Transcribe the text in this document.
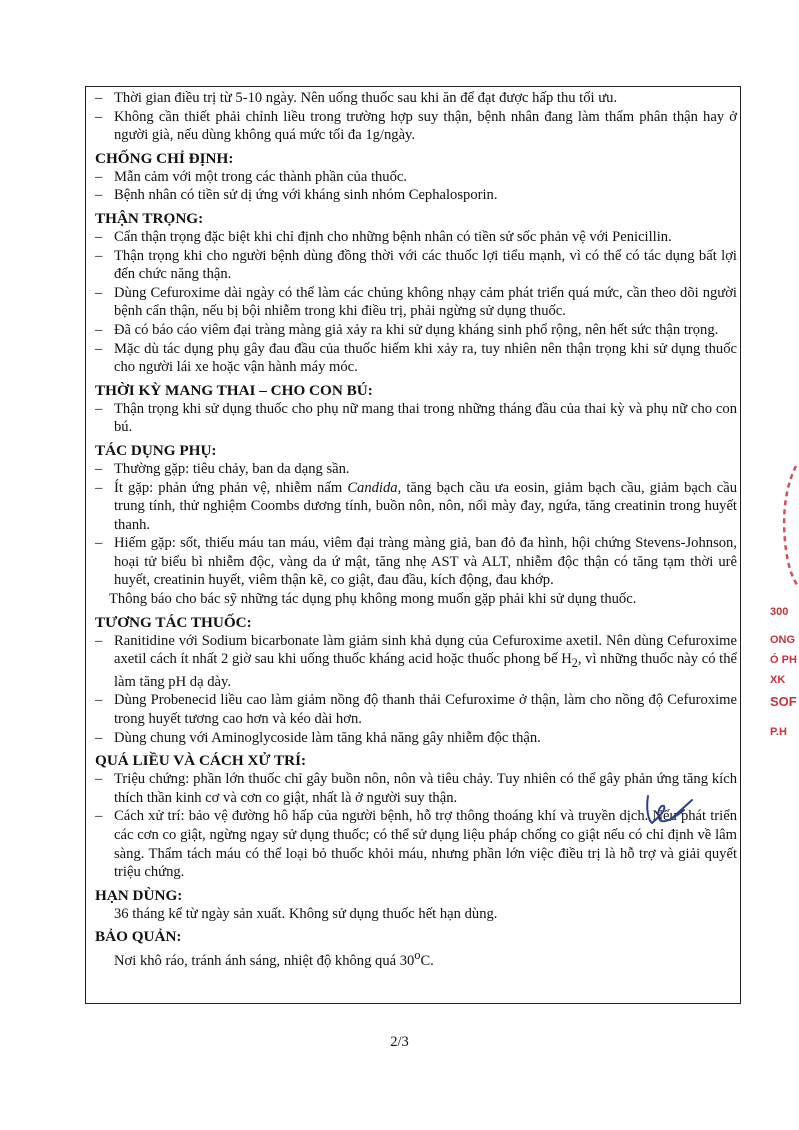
– Thời gian điều trị từ 5-10 ngày. Nên uống thuốc sau khi ăn để đạt được hấp thu tối ưu.
– Không cần thiết phải chỉnh liều trong trường hợp suy thận, bệnh nhân đang làm thẩm phân thận hay ở người già, nếu dùng không quá mức tối đa 1g/ngày.
CHỐNG CHỈ ĐỊNH:
– Mẫn cảm với một trong các thành phần của thuốc.
– Bệnh nhân có tiền sử dị ứng với kháng sinh nhóm Cephalosporin.
THẬN TRỌNG:
– Cẩn thận trọng đặc biệt khi chỉ định cho những bệnh nhân có tiền sử sốc phản vệ với Penicillin.
– Thận trọng khi cho người bệnh dùng đồng thời với các thuốc lợi tiểu mạnh, vì có thể có tác dụng bất lợi đến chức năng thận.
– Dùng Cefuroxime dài ngày có thể làm các chủng không nhạy cảm phát triển quá mức, cần theo dõi người bệnh cẩn thận, nếu bị bội nhiễm trong khi điều trị, phải ngừng sử dụng thuốc.
– Đã có báo cáo viêm đại tràng màng giả xảy ra khi sử dụng kháng sinh phổ rộng, nên hết sức thận trọng.
– Mặc dù tác dụng phụ gây đau đầu của thuốc hiếm khi xảy ra, tuy nhiên nên thận trọng khi sử dụng thuốc cho người lái xe hoặc vận hành máy móc.
THỜI KỲ MANG THAI – CHO CON BÚ:
– Thận trọng khi sử dụng thuốc cho phụ nữ mang thai trong những tháng đầu của thai kỳ và phụ nữ cho con bú.
TÁC DỤNG PHỤ:
– Thường gặp: tiêu chảy, ban da dạng sần.
– Ít gặp: phản ứng phản vệ, nhiễm nấm Candida, tăng bạch cầu ưa eosin, giảm bạch cầu, giảm bạch cầu trung tính, thử nghiệm Coombs dương tính, buồn nôn, nôn, nổi mày đay, ngứa, tăng creatinin trong huyết thanh.
– Hiếm gặp: sốt, thiếu máu tan máu, viêm đại tràng màng giả, ban đỏ đa hình, hội chứng Stevens-Johnson, hoại tử biểu bì nhiễm độc, vàng da ứ mật, tăng nhẹ AST và ALT, nhiễm độc thận có tăng tạm thời urê huyết, creatinin huyết, viêm thận kẽ, co giật, đau đầu, kích động, đau khớp.
Thông báo cho bác sỹ những tác dụng phụ không mong muốn gặp phải khi sử dụng thuốc.
TƯƠNG TÁC THUỐC:
– Ranitidine với Sodium bicarbonate làm giảm sinh khả dụng của Cefuroxime axetil. Nên dùng Cefuroxime axetil cách ít nhất 2 giờ sau khi uống thuốc kháng acid hoặc thuốc phong bế $H_2$, vì những thuốc này có thể làm tăng pH dạ dày.
– Dùng Probenecid liều cao làm giảm nồng độ thanh thải Cefuroxime ở thận, làm cho nồng độ Cefuroxime trong huyết tương cao hơn và kéo dài hơn.
– Dùng chung với Aminoglycoside làm tăng khả năng gây nhiễm độc thận.
QUÁ LIỀU VÀ CÁCH XỬ TRÍ:
– Triệu chứng: phần lớn thuốc chỉ gây buồn nôn, nôn và tiêu chảy. Tuy nhiên có thể gây phản ứng tăng kích thích thần kinh cơ và cơn co giật, nhất là ở người suy thận.
– Cách xử trí: bảo vệ đường hô hấp của người bệnh, hỗ trợ thông thoáng khí và truyền dịch. Nếu phát triển các cơn co giật, ngừng ngay sử dụng thuốc; có thể sử dụng liệu pháp chống co giật nếu có chỉ định về lâm sàng. Thẩm tách máu có thể loại bỏ thuốc khỏi máu, nhưng phần lớn việc điều trị là hỗ trợ và giải quyết triệu chứng.
HẠN DÙNG:
36 tháng kể từ ngày sản xuất. Không sử dụng thuốc hết hạn dùng.
BẢO QUẢN:
Nơi khô ráo, tránh ánh sáng, nhiệt độ không quá 30$^o$C.
2/3
300
ONG
Ó PH
XK
SOF
P.H
